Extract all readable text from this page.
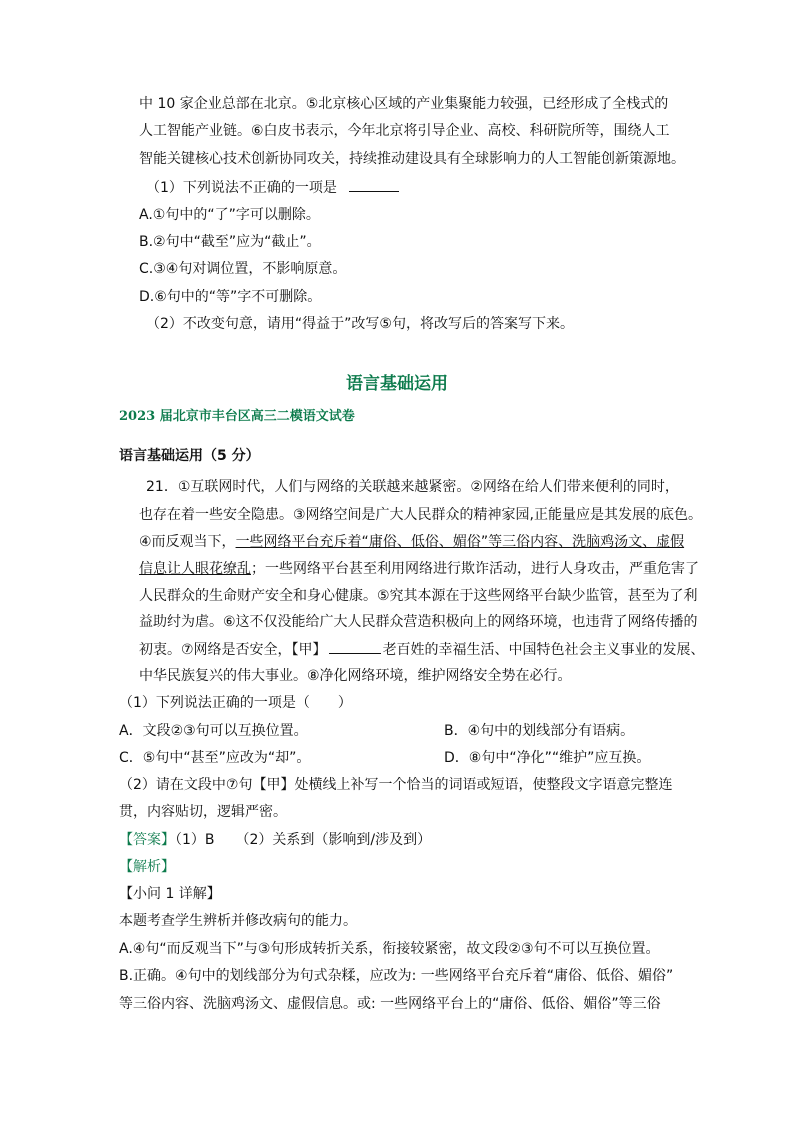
中 10 家企业总部在北京。⑤北京核心区域的产业集聚能力较强，已经形成了全栈式的
人工智能产业链。⑥白皮书表示，今年北京将引导企业、高校、科研院所等，围绕人工
智能关键核心技术创新协同攻关，持续推动建设具有全球影响力的人工智能创新策源地。
（1）下列说法不正确的一项是
A.①句中的“了”字可以删除。
B.②句中“截至”应为“截止”。
C.③④句对调位置，不影响原意。
D.⑥句中的“等”字不可删除。
（2）不改变句意，请用“得益于”改写⑤句，将改写后的答案写下来。
语言基础运用
2023 届北京市丰台区高三二模语文试卷
语言基础运用（5 分）
21．①互联网时代，人们与网络的关联越来越紧密。②网络在给人们带来便利的同时，
也存在着一些安全隐患。③网络空间是广大人民群众的精神家园,正能量应是其发展的底色。
④而反观当下，一些网络平台充斥着“庸俗、低俗、媚俗”等三俗内容、洗脑鸡汤文、虚假
信息让人眼花缭乱；一些网络平台甚至利用网络进行欺诈活动，进行人身攻击，严重危害了
人民群众的生命财产安全和身心健康。⑤究其本源在于这些网络平台缺少监管，甚至为了利
益助纣为虐。⑥这不仅没能给广大人民群众营造积极向上的网络环境，也违背了网络传播的
初衷。⑦网络是否安全，【甲】	老百姓的幸福生活、中国特色社会主义事业的发展、
中华民族复兴的伟大事业。⑧净化网络环境，维护网络安全势在必行。
（1）下列说法正确的一项是（　　）
A．文段②③句可以互换位置。	B．④句中的划线部分有语病。
C．⑤句中“甚至”应改为“却”。	D．⑧句中“净化”“维护”应互换。
（2）请在文段中⑦句【甲】处横线上补写一个恰当的词语或短语，使整段文字语意完整连
贯，内容贴切，逻辑严密。
【答案】（1）B　　（2）关系到（影响到/涉及到）
【解析】
【小问 1 详解】
本题考查学生辨析并修改病句的能力。
A.④句“而反观当下”与③句形成转折关系，衔接较紧密，故文段②③句不可以互换位置。
B.正确。④句中的划线部分为句式杂糅，应改为: 一些网络平台充斥着“庸俗、低俗、媚俗”
等三俗内容、洗脑鸡汤文、虚假信息。或: 一些网络平台上的“庸俗、低俗、媚俗”等三俗
